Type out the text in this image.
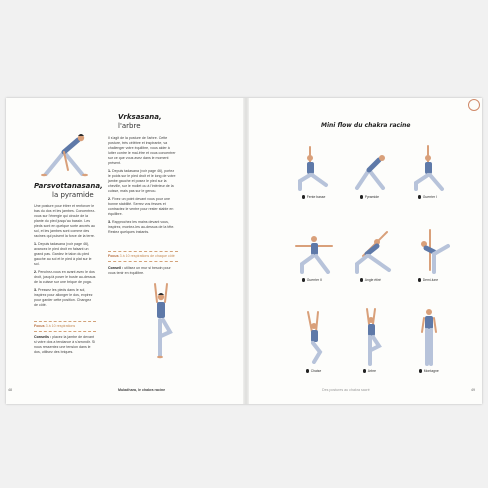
Parsvottanasana,
la pyramide

Une posture pour étirer et renforcer le bas du dos et les jambes. Concentrez-vous sur l'énergie qui circule de la plante du pied jusqu'au bassin. Les pieds sont en quelque sorte ancrés au sol, et les jambes sont comme des racines qui puisent la force de la terre.

1. Depuis tadasana (voir page 46), avancez le pied droit en faisant un grand pas. Gardez le talon du pied gauche au sol et le pied à plat sur le sol.
2. Penchez-vous en avant avec le dos droit, jusqu'à poser le buste au-dessus de la cuisse sur une brique de yoga.
3. Pressez les pieds dans le sol, inspirez pour allonger le dos, expirez pour garder cette position. Changez de côté.
Focus 3 à 10 respirations
Conseils : placez la jambe de devant si votre dos a tendance à s'arrondir. Si nous ressentez une tension dans le dos, utilisez des briques.
Vrksasana,
l'arbre

Il s'agit de la posture de l'arbre. Cette posture, très célèbre et inspirante, va challenger votre équilibre, vous aider à lutter contre le mal-être et vous concentrer sur ce que vous avez dans le moment présent.

1. Depuis tadasana (voir page 46), portez le poids sur le pied droit et le long de votre jambe gauche et posez le pied sur la cheville, sur le mollet ou à l'intérieur de la cuisse, mais pas sur le genou.
2. Fixez un point devant vous pour une bonne stabilité. Serrez vos fesses et contractez le ventre pour rester stable en équilibre.
3. Rapprochez les mains devant vous, inspirez, montez-les au-dessus de la tête. Restez quelques instants.
Focus 3 à 10 respirations de chaque côté
Conseil : utilisez un mur si besoin pour vous tenir en équilibre.
48	Muladhara, le chakra racine
Mini flow du chakra racine
Fente basse	Pyramide	Guerrier I
Guerrier II	Angle étiré	Demi-lune
Chaise	Arbre	Montagne
Des postures au chakra sacré	49
